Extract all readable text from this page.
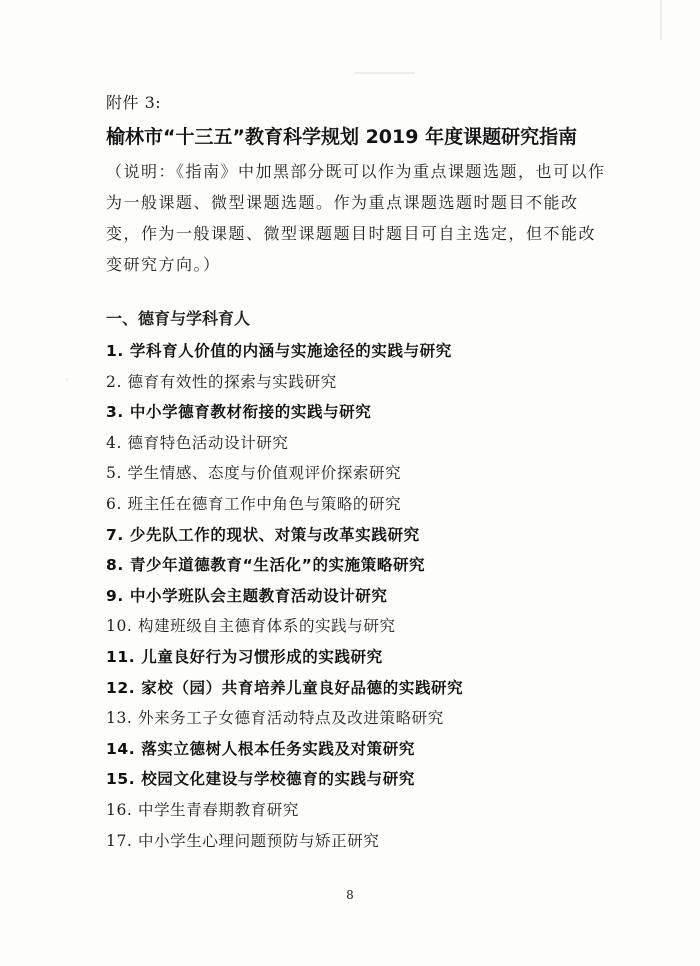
附件 3:
榆林市“十三五”教育科学规划 2019 年度课题研究指南
（说明：《指南》中加黑部分既可以作为重点课题选题，也可以作为一般课题、微型课题选题。作为重点课题选题时题目不能改变，作为一般课题、微型课题题目时题目可自主选定，但不能改变研究方向。）
一、德育与学科育人
1. 学科育人价值的内涵与实施途径的实践与研究
2. 德育有效性的探索与实践研究
3. 中小学德育教材衔接的实践与研究
4. 德育特色活动设计研究
5. 学生情感、态度与价值观评价探索研究
6. 班主任在德育工作中角色与策略的研究
7. 少先队工作的现状、对策与改革实践研究
8. 青少年道德教育“生活化”的实施策略研究
9. 中小学班队会主题教育活动设计研究
10. 构建班级自主德育体系的实践与研究
11. 儿童良好行为习惯形成的实践研究
12. 家校（园）共育培养儿童良好品德的实践研究
13. 外来务工子女德育活动特点及改进策略研究
14. 落实立德树人根本任务实践及对策研究
15. 校园文化建设与学校德育的实践与研究
16. 中学生青春期教育研究
17. 中小学生心理问题预防与矫正研究
8
